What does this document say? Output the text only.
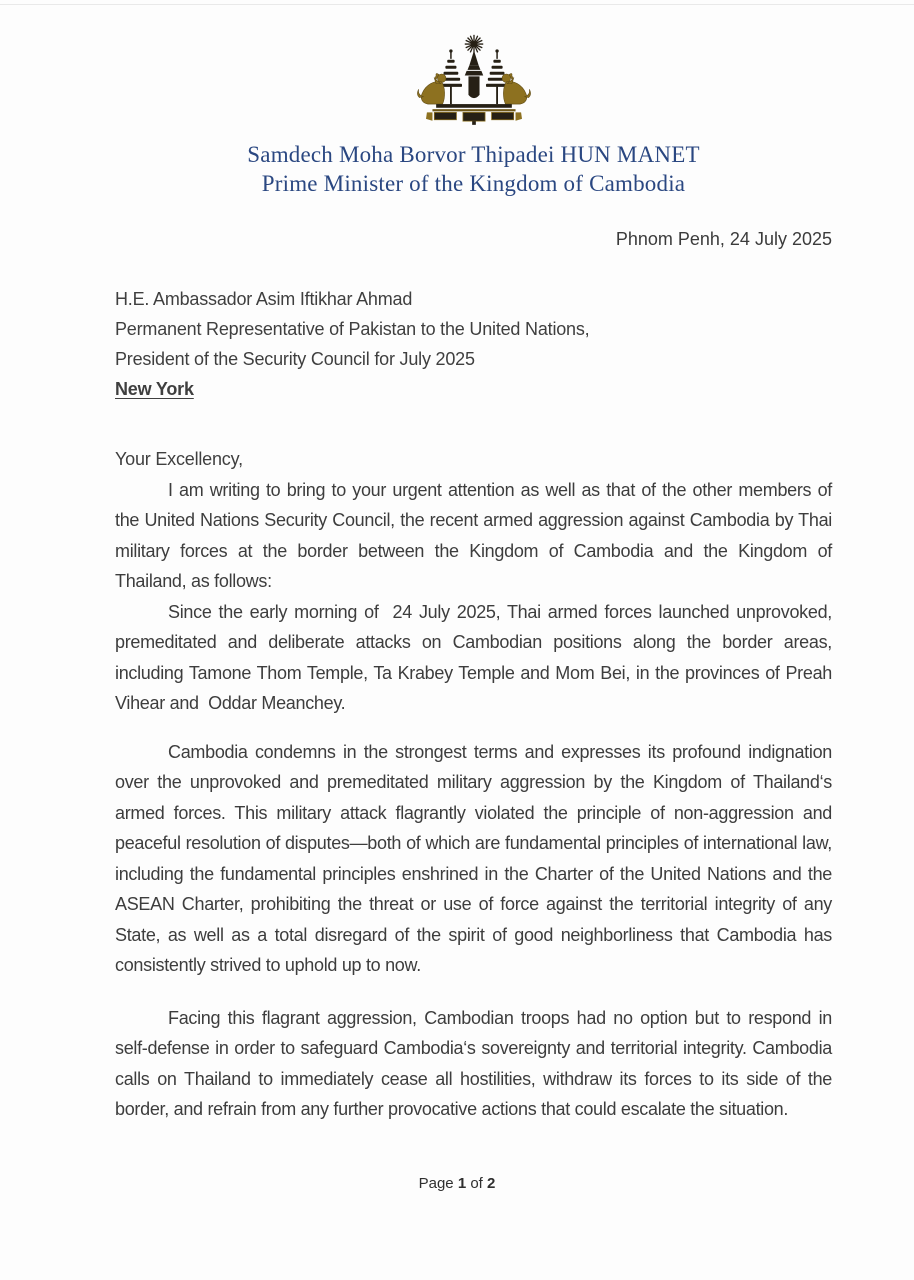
Samdech Moha Borvor Thipadei HUN MANET
Prime Minister of the Kingdom of Cambodia
Phnom Penh, 24 July 2025
H.E. Ambassador Asim Iftikhar Ahmad
Permanent Representative of Pakistan to the United Nations,
President of the Security Council for July 2025
New York
Your Excellency,

I am writing to bring to your urgent attention as well as that of the other members of the United Nations Security Council, the recent armed aggression against Cambodia by Thai military forces at the border between the Kingdom of Cambodia and the Kingdom of Thailand, as follows:

Since the early morning of  24 July 2025, Thai armed forces launched unprovoked, premeditated and deliberate attacks on Cambodian positions along the border areas, including Tamone Thom Temple, Ta Krabey Temple and Mom Bei, in the provinces of Preah Vihear and  Oddar Meanchey.

Cambodia condemns in the strongest terms and expresses its profound indignation over the unprovoked and premeditated military aggression by the Kingdom of Thailand‘s armed forces. This military attack flagrantly violated the principle of non-aggression and peaceful resolution of disputes—both of which are fundamental principles of international law, including the fundamental principles enshrined in the Charter of the United Nations and the ASEAN Charter, prohibiting the threat or use of force against the territorial integrity of any State, as well as a total disregard of the spirit of good neighborliness that Cambodia has consistently strived to uphold up to now.

Facing this flagrant aggression, Cambodian troops had no option but to respond in self-defense in order to safeguard Cambodia‘s sovereignty and territorial integrity. Cambodia calls on Thailand to immediately cease all hostilities, withdraw its forces to its side of the border, and refrain from any further provocative actions that could escalate the situation.

Page 1 of 2
